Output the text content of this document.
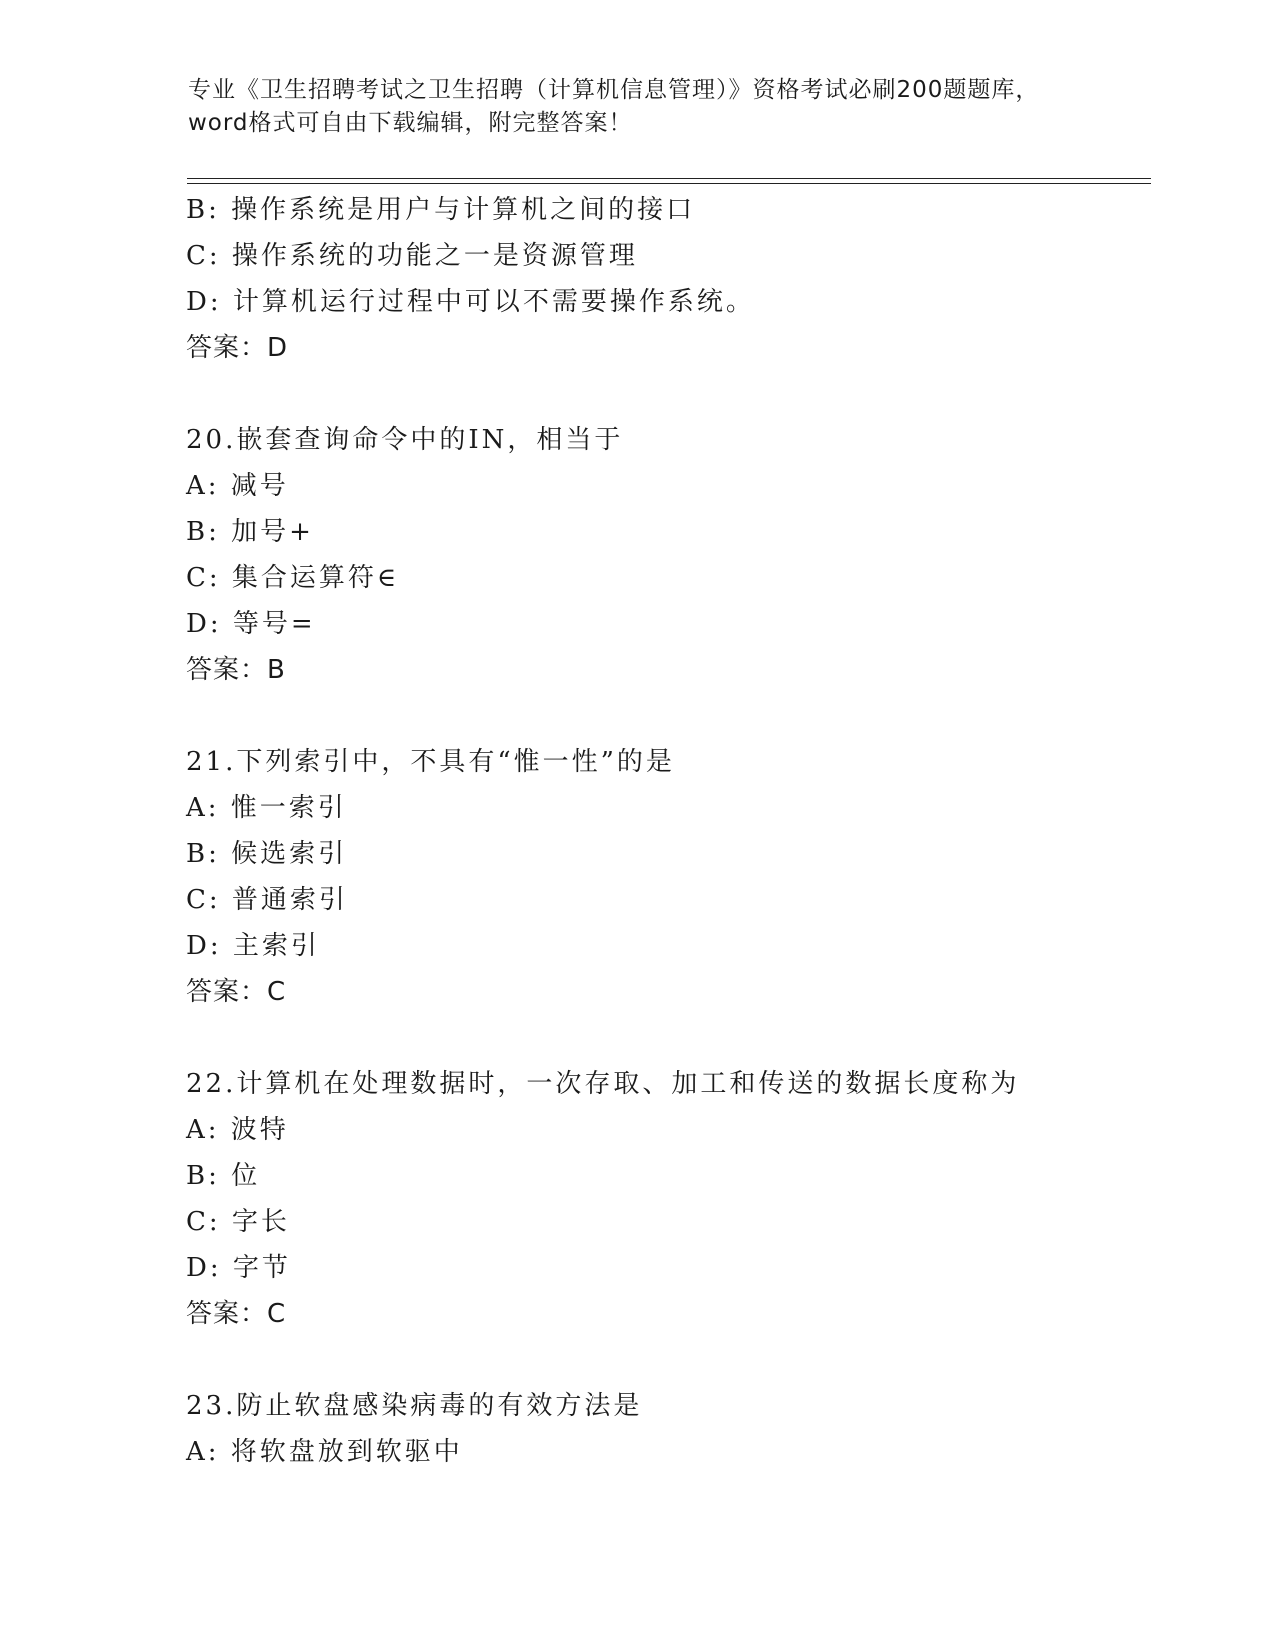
专业《卫生招聘考试之卫生招聘（计算机信息管理）》资格考试必刷200题题库，
word格式可自由下载编辑，附完整答案！
B: 操作系统是用户与计算机之间的接口
C: 操作系统的功能之一是资源管理
D: 计算机运行过程中可以不需要操作系统。
答案：D
20.嵌套查询命令中的IN，相当于
A: 减号
B: 加号+
C: 集合运算符∈
D: 等号=
答案：B
21.下列索引中，不具有“惟一性”的是
A: 惟一索引
B: 候选索引
C: 普通索引
D: 主索引
答案：C
22.计算机在处理数据时，一次存取、加工和传送的数据长度称为
A: 波特
B: 位
C: 字长
D: 字节
答案：C
23.防止软盘感染病毒的有效方法是
A: 将软盘放到软驱中
